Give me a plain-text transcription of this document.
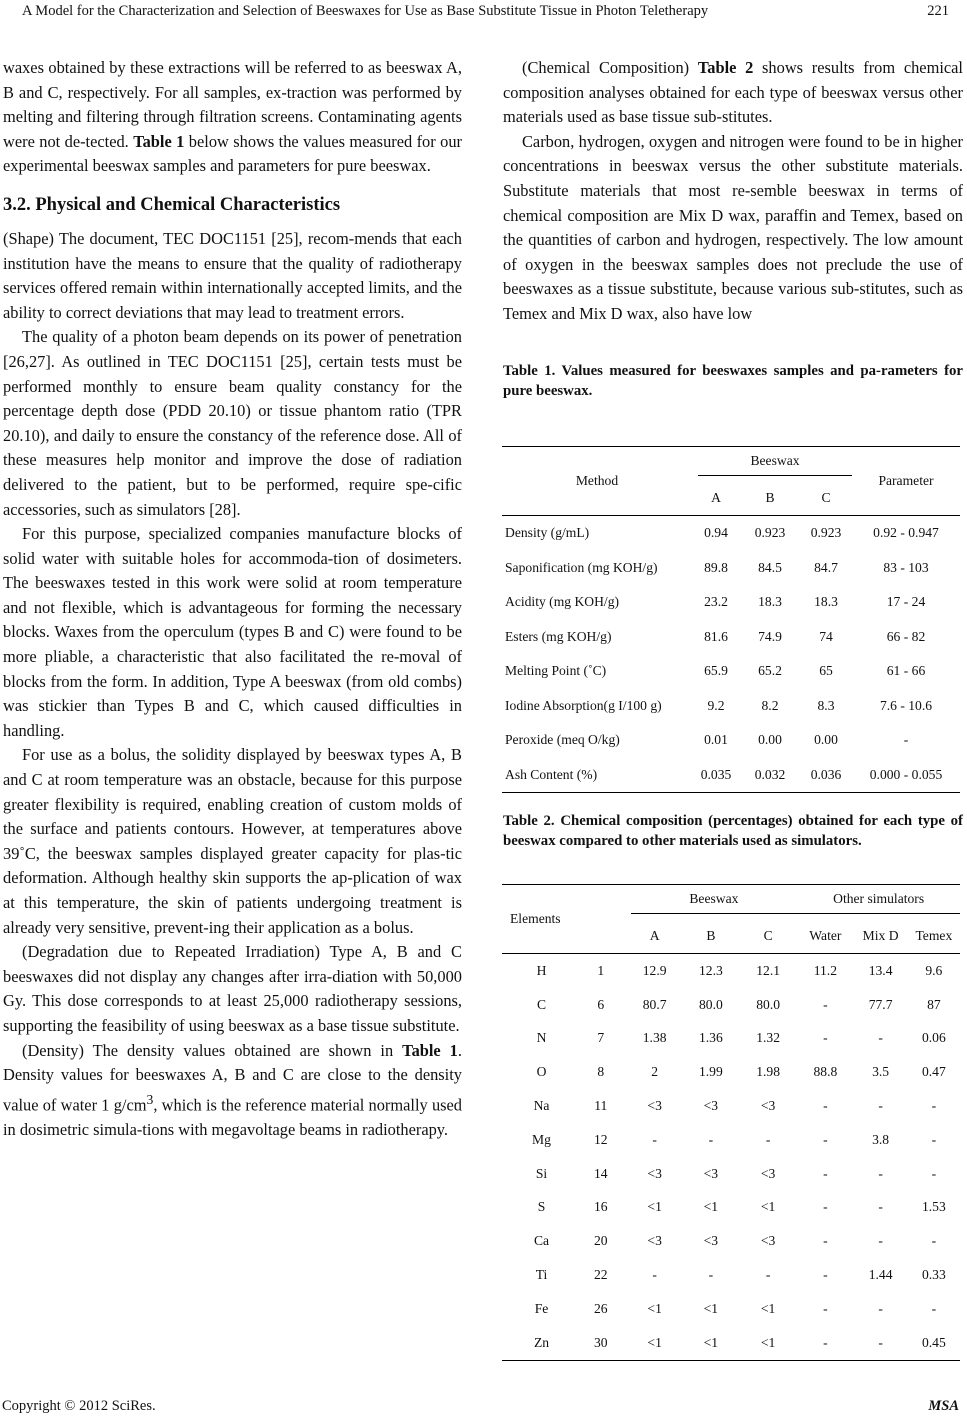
A Model for the Characterization and Selection of Beeswaxes for Use as Base Substitute Tissue in Photon Teletherapy	221

waxes obtained by these extractions will be referred to as beeswax A, B and C, respectively. For all samples, ex-traction was performed by melting and filtering through filtration screens. Contaminating agents were not de-tected. Table 1 below shows the values measured for our experimental beeswax samples and parameters for pure beeswax.

3.2. Physical and Chemical Characteristics

(Shape) The document, TEC DOC1151 [25], recom-mends that each institution have the means to ensure that the quality of radiotherapy services offered remain within internationally accepted limits, and the ability to correct deviations that may lead to treatment errors.

The quality of a photon beam depends on its power of penetration [26,27]. As outlined in TEC DOC1151 [25], certain tests must be performed monthly to ensure beam quality constancy for the percentage depth dose (PDD 20.10) or tissue phantom ratio (TPR 20.10), and daily to ensure the constancy of the reference dose. All of these measures help monitor and improve the dose of radiation delivered to the patient, but to be performed, require spe-cific accessories, such as simulators [28].

For this purpose, specialized companies manufacture blocks of solid water with suitable holes for accommoda-tion of dosimeters. The beeswaxes tested in this work were solid at room temperature and not flexible, which is advantageous for forming the necessary blocks. Waxes from the operculum (types B and C) were found to be more pliable, a characteristic that also facilitated the re-moval of blocks from the form. In addition, Type A beeswax (from old combs) was stickier than Types B and C, which caused difficulties in handling.

For use as a bolus, the solidity displayed by beeswax types A, B and C at room temperature was an obstacle, because for this purpose greater flexibility is required, enabling creation of custom molds of the surface and patients contours. However, at temperatures above 39˚C, the beeswax samples displayed greater capacity for plas-tic deformation. Although healthy skin supports the ap-plication of wax at this temperature, the skin of patients undergoing treatment is already very sensitive, prevent-ing their application as a bolus.

(Degradation due to Repeated Irradiation) Type A, B and C beeswaxes did not display any changes after irra-diation with 50,000 Gy. This dose corresponds to at least 25,000 radiotherapy sessions, supporting the feasibility of using beeswax as a base tissue substitute.

(Density) The density values obtained are shown in Table 1. Density values for beeswaxes A, B and C are close to the density value of water 1 $g/cm^3$, which is the reference material normally used in dosimetric simula-tions with megavoltage beams in radiotherapy.

(Chemical Composition) Table 2 shows results from chemical composition analyses obtained for each type of beeswax versus other materials used as base tissue sub-stitutes.

Carbon, hydrogen, oxygen and nitrogen were found to be in higher concentrations in beeswax versus the other substitute materials. Substitute materials that most re-semble beeswax in terms of chemical composition are Mix D wax, paraffin and Temex, based on the quantities of carbon and hydrogen, respectively. The low amount of oxygen in the beeswax samples does not preclude the use of beeswaxes as a tissue substitute, because various sub-stitutes, such as Temex and Mix D wax, also have low

Table 1. Values measured for beeswaxes samples and pa-rameters for pure beeswax.

Method	Beeswax			Parameter
	A	B	C	
Density (g/mL)	0.94	0.923	0.923	0.92 - 0.947
Saponification (mg KOH/g)	89.8	84.5	84.7	83 - 103
Acidity (mg KOH/g)	23.2	18.3	18.3	17 - 24
Esters (mg KOH/g)	81.6	74.9	74	66 - 82
Melting Point (˚C)	65.9	65.2	65	61 - 66
Iodine Absorption(g I/100 g)	9.2	8.2	8.3	7.6 - 10.6
Peroxide (meq O/kg)	0.01	0.00	0.00	-
Ash Content (%)	0.035	0.032	0.036	0.000 - 0.055

Table 2. Chemical composition (percentages) obtained for each type of beeswax compared to other materials used as simulators.

Elements		Beeswax			Other simulators		

		A	B	C	Water	Mix D	Temex
H	1	12.9	12.3	12.1	11.2	13.4	9.6
C	6	80.7	80.0	80.0	-	77.7	87
N	7	1.38	1.36	1.32	-	-	0.06
O	8	2	1.99	1.98	88.8	3.5	0.47
Na	11	<3	<3	<3	-	-	-
Mg	12	-	-	-	-	3.8	-
Si	14	<3	<3	<3	-	-	-
S	16	<1	<1	<1	-	-	1.53
Ca	20	<3	<3	<3	-	-	-
Ti	22	-	-	-	-	1.44	0.33
Fe	26	<1	<1	<1	-	-	-
Zn	30	<1	<1	<1	-	-	0.45
Copyright © 2012 SciRes.	MSA
